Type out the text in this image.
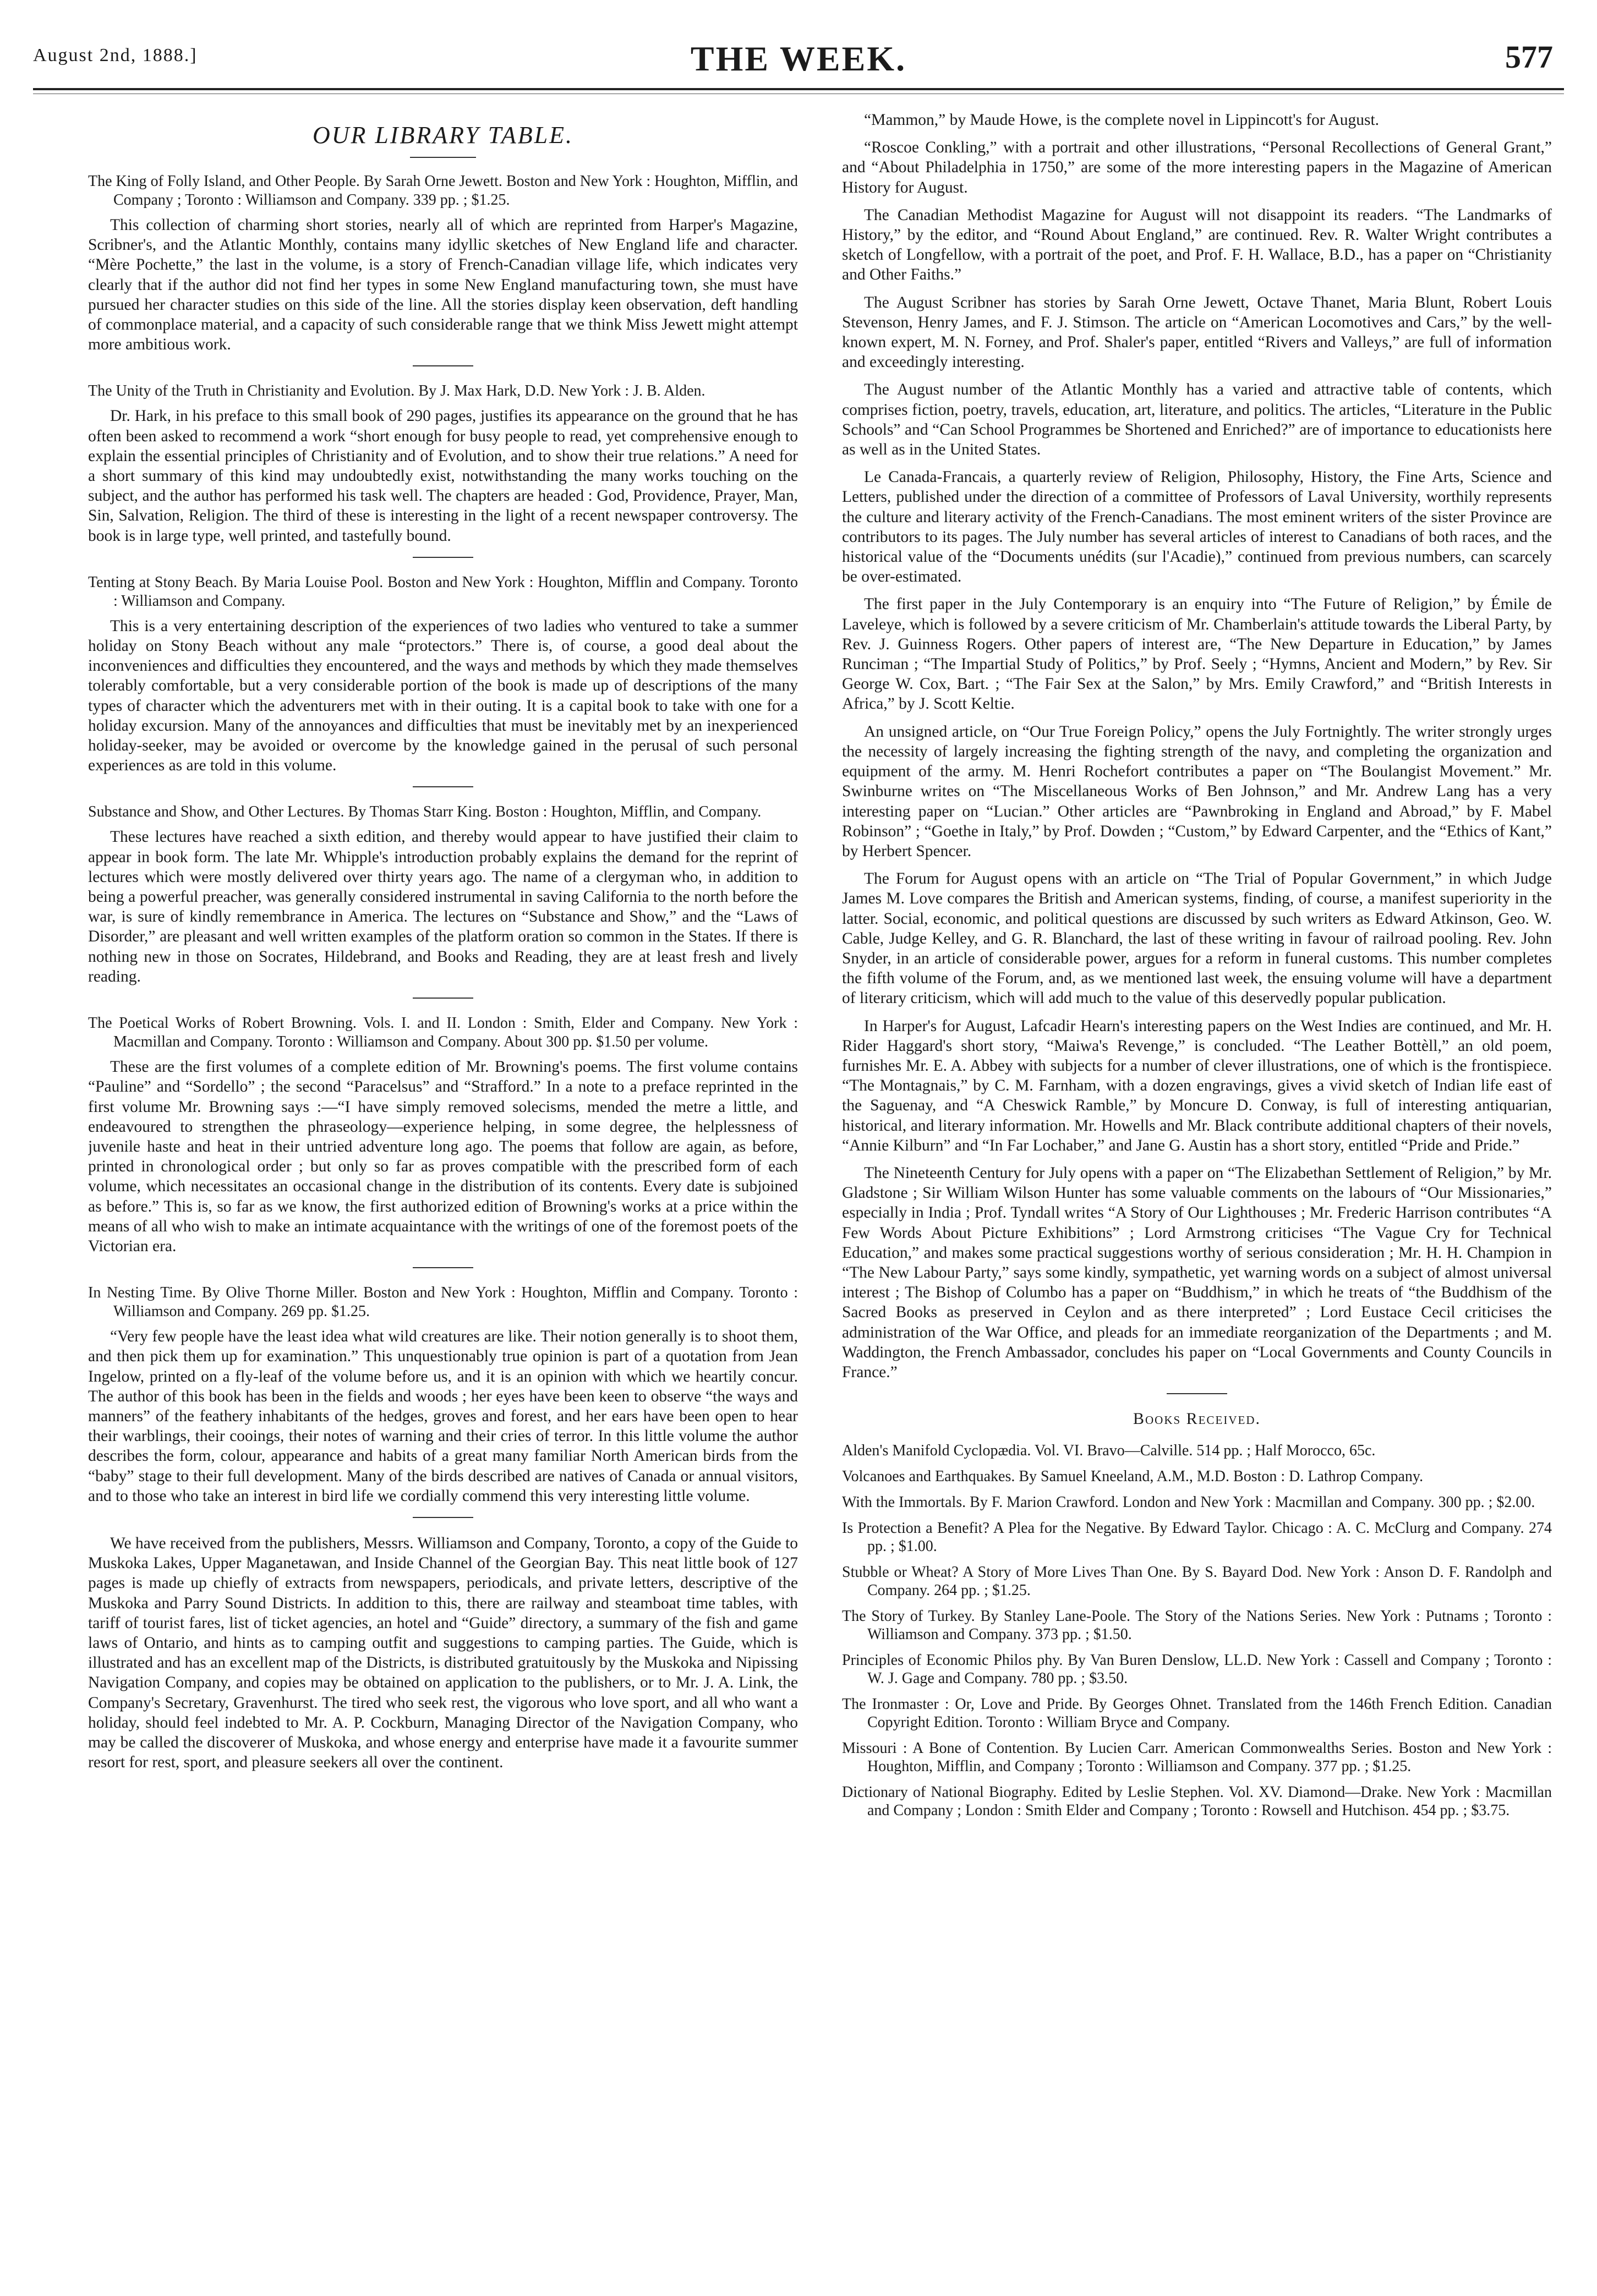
August 2nd, 1888.]	THE WEEK.	577
OUR LIBRARY TABLE.

The King of Folly Island, and Other People. By Sarah Orne Jewett. Boston and New York : Houghton, Mifflin, and Company ; Toronto : Williamson and Company. 339 pp. ; $1.25.

This collection of charming short stories, nearly all of which are reprinted from Harper's Magazine, Scribner's, and the Atlantic Monthly, contains many idyllic sketches of New England life and character. “Mère Pochette,” the last in the volume, is a story of French-Canadian village life, which indicates very clearly that if the author did not find her types in some New England manufacturing town, she must have pursued her character studies on this side of the line. All the stories display keen observation, deft handling of commonplace material, and a capacity of such considerable range that we think Miss Jewett might attempt more ambitious work.

The Unity of the Truth in Christianity and Evolution. By J. Max Hark, D.D. New York : J. B. Alden.

Dr. Hark, in his preface to this small book of 290 pages, justifies its appearance on the ground that he has often been asked to recommend a work “short enough for busy people to read, yet comprehensive enough to explain the essential principles of Christianity and of Evolution, and to show their true relations.” A need for a short summary of this kind may undoubtedly exist, notwithstanding the many works touching on the subject, and the author has performed his task well. The chapters are headed : God, Providence, Prayer, Man, Sin, Salvation, Religion. The third of these is interesting in the light of a recent newspaper controversy. The book is in large type, well printed, and tastefully bound.

Tenting at Stony Beach. By Maria Louise Pool. Boston and New York : Houghton, Mifflin and Company. Toronto : Williamson and Company.

This is a very entertaining description of the experiences of two ladies who ventured to take a summer holiday on Stony Beach without any male “protectors.” There is, of course, a good deal about the inconveniences and difficulties they encountered, and the ways and methods by which they made themselves tolerably comfortable, but a very considerable portion of the book is made up of descriptions of the many types of character which the adventurers met with in their outing. It is a capital book to take with one for a holiday excursion. Many of the annoyances and difficulties that must be inevitably met by an inexperienced holiday-seeker, may be avoided or overcome by the knowledge gained in the perusal of such personal experiences as are told in this volume.

Substance and Show, and Other Lectures. By Thomas Starr King. Boston : Houghton, Mifflin, and Company.

These lectures have reached a sixth edition, and thereby would appear to have justified their claim to appear in book form. The late Mr. Whipple's introduction probably explains the demand for the reprint of lectures which were mostly delivered over thirty years ago. The name of a clergyman who, in addition to being a powerful preacher, was generally considered instrumental in saving California to the north before the war, is sure of kindly remembrance in America. The lectures on “Substance and Show,” and the “Laws of Disorder,” are pleasant and well written examples of the platform oration so common in the States. If there is nothing new in those on Socrates, Hildebrand, and Books and Reading, they are at least fresh and lively reading.

The Poetical Works of Robert Browning. Vols. I. and II. London : Smith, Elder and Company. New York : Macmillan and Company. Toronto : Williamson and Company. About 300 pp. $1.50 per volume.

These are the first volumes of a complete edition of Mr. Browning's poems. The first volume contains “Pauline” and “Sordello” ; the second “Paracelsus” and “Strafford.” In a note to a preface reprinted in the first volume Mr. Browning says :—“I have simply removed solecisms, mended the metre a little, and endeavoured to strengthen the phraseology—experience helping, in some degree, the helplessness of juvenile haste and heat in their untried adventure long ago. The poems that follow are again, as before, printed in chronological order ; but only so far as proves compatible with the prescribed form of each volume, which necessitates an occasional change in the distribution of its contents. Every date is subjoined as before.” This is, so far as we know, the first authorized edition of Browning's works at a price within the means of all who wish to make an intimate acquaintance with the writings of one of the foremost poets of the Victorian era.

In Nesting Time. By Olive Thorne Miller. Boston and New York : Houghton, Mifflin and Company. Toronto : Williamson and Company. 269 pp. $1.25.

“Very few people have the least idea what wild creatures are like. Their notion generally is to shoot them, and then pick them up for examination.” This unquestionably true opinion is part of a quotation from Jean Ingelow, printed on a fly-leaf of the volume before us, and it is an opinion with which we heartily concur. The author of this book has been in the fields and woods ; her eyes have been keen to observe “the ways and manners” of the feathery inhabitants of the hedges, groves and forest, and her ears have been open to hear their warblings, their cooings, their notes of warning and their cries of terror. In this little volume the author describes the form, colour, appearance and habits of a great many familiar North American birds from the “baby” stage to their full development. Many of the birds described are natives of Canada or annual visitors, and to those who take an interest in bird life we cordially commend this very interesting little volume.

We have received from the publishers, Messrs. Williamson and Company, Toronto, a copy of the Guide to Muskoka Lakes, Upper Maganetawan, and Inside Channel of the Georgian Bay. This neat little book of 127 pages is made up chiefly of extracts from newspapers, periodicals, and private letters, descriptive of the Muskoka and Parry Sound Districts. In addition to this, there are railway and steamboat time tables, with tariff of tourist fares, list of ticket agencies, an hotel and “Guide” directory, a summary of the fish and game laws of Ontario, and hints as to camping outfit and suggestions to camping parties. The Guide, which is illustrated and has an excellent map of the Districts, is distributed gratuitously by the Muskoka and Nipissing Navigation Company, and copies may be obtained on application to the publishers, or to Mr. J. A. Link, the Company's Secretary, Gravenhurst. The tired who seek rest, the vigorous who love sport, and all who want a holiday, should feel indebted to Mr. A. P. Cockburn, Managing Director of the Navigation Company, who may be called the discoverer of Muskoka, and whose energy and enterprise have made it a favourite summer resort for rest, sport, and pleasure seekers all over the continent.

“Mammon,” by Maude Howe, is the complete novel in Lippincott's for August.

“Roscoe Conkling,” with a portrait and other illustrations, “Personal Recollections of General Grant,” and “About Philadelphia in 1750,” are some of the more interesting papers in the Magazine of American History for August.

The Canadian Methodist Magazine for August will not disappoint its readers. “The Landmarks of History,” by the editor, and “Round About England,” are continued. Rev. R. Walter Wright contributes a sketch of Longfellow, with a portrait of the poet, and Prof. F. H. Wallace, B.D., has a paper on “Christianity and Other Faiths.”

The August Scribner has stories by Sarah Orne Jewett, Octave Thanet, Maria Blunt, Robert Louis Stevenson, Henry James, and F. J. Stimson. The article on “American Locomotives and Cars,” by the well-known expert, M. N. Forney, and Prof. Shaler's paper, entitled “Rivers and Valleys,” are full of information and exceedingly interesting.

The August number of the Atlantic Monthly has a varied and attractive table of contents, which comprises fiction, poetry, travels, education, art, literature, and politics. The articles, “Literature in the Public Schools” and “Can School Programmes be Shortened and Enriched?” are of importance to educationists here as well as in the United States.

Le Canada-Francais, a quarterly review of Religion, Philosophy, History, the Fine Arts, Science and Letters, published under the direction of a committee of Professors of Laval University, worthily represents the culture and literary activity of the French-Canadians. The most eminent writers of the sister Province are contributors to its pages. The July number has several articles of interest to Canadians of both races, and the historical value of the “Documents unédits (sur l'Acadie),” continued from previous numbers, can scarcely be over-estimated.

The first paper in the July Contemporary is an enquiry into “The Future of Religion,” by Émile de Laveleye, which is followed by a severe criticism of Mr. Chamberlain's attitude towards the Liberal Party, by Rev. J. Guinness Rogers. Other papers of interest are, “The New Departure in Education,” by James Runciman ; “The Impartial Study of Politics,” by Prof. Seely ; “Hymns, Ancient and Modern,” by Rev. Sir George W. Cox, Bart. ; “The Fair Sex at the Salon,” by Mrs. Emily Crawford,” and “British Interests in Africa,” by J. Scott Keltie.

An unsigned article, on “Our True Foreign Policy,” opens the July Fortnightly. The writer strongly urges the necessity of largely increasing the fighting strength of the navy, and completing the organization and equipment of the army. M. Henri Rochefort contributes a paper on “The Boulangist Movement.” Mr. Swinburne writes on “The Miscellaneous Works of Ben Johnson,” and Mr. Andrew Lang has a very interesting paper on “Lucian.” Other articles are “Pawnbroking in England and Abroad,” by F. Mabel Robinson” ; “Goethe in Italy,” by Prof. Dowden ; “Custom,” by Edward Carpenter, and the “Ethics of Kant,” by Herbert Spencer.

The Forum for August opens with an article on “The Trial of Popular Government,” in which Judge James M. Love compares the British and American systems, finding, of course, a manifest superiority in the latter. Social, economic, and political questions are discussed by such writers as Edward Atkinson, Geo. W. Cable, Judge Kelley, and G. R. Blanchard, the last of these writing in favour of railroad pooling. Rev. John Snyder, in an article of considerable power, argues for a reform in funeral customs. This number completes the fifth volume of the Forum, and, as we mentioned last week, the ensuing volume will have a department of literary criticism, which will add much to the value of this deservedly popular publication.

In Harper's for August, Lafcadir Hearn's interesting papers on the West Indies are continued, and Mr. H. Rider Haggard's short story, “Maiwa's Revenge,” is concluded. “The Leather Bottèll,” an old poem, furnishes Mr. E. A. Abbey with subjects for a number of clever illustrations, one of which is the frontispiece. “The Montagnais,” by C. M. Farnham, with a dozen engravings, gives a vivid sketch of Indian life east of the Saguenay, and “A Cheswick Ramble,” by Moncure D. Conway, is full of interesting antiquarian, historical, and literary information. Mr. Howells and Mr. Black contribute additional chapters of their novels, “Annie Kilburn” and “In Far Lochaber,” and Jane G. Austin has a short story, entitled “Pride and Pride.”

The Nineteenth Century for July opens with a paper on “The Elizabethan Settlement of Religion,” by Mr. Gladstone ; Sir William Wilson Hunter has some valuable comments on the labours of “Our Missionaries,” especially in India ; Prof. Tyndall writes “A Story of Our Lighthouses ; Mr. Frederic Harrison contributes “A Few Words About Picture Exhibitions” ; Lord Armstrong criticises “The Vague Cry for Technical Education,” and makes some practical suggestions worthy of serious consideration ; Mr. H. H. Champion in “The New Labour Party,” says some kindly, sympathetic, yet warning words on a subject of almost universal interest ; The Bishop of Columbo has a paper on “Buddhism,” in which he treats of “the Buddhism of the Sacred Books as preserved in Ceylon and as there interpreted” ; Lord Eustace Cecil criticises the administration of the War Office, and pleads for an immediate reorganization of the Departments ; and M. Waddington, the French Ambassador, concludes his paper on “Local Governments and County Councils in France.”

Books Received.

Alden's Manifold Cyclopædia. Vol. VI. Bravo—Calville. 514 pp. ; Half Morocco, 65c.

Volcanoes and Earthquakes. By Samuel Kneeland, A.M., M.D. Boston : D. Lathrop Company.

With the Immortals. By F. Marion Crawford. London and New York : Macmillan and Company. 300 pp. ; $2.00.

Is Protection a Benefit? A Plea for the Negative. By Edward Taylor. Chicago : A. C. McClurg and Company. 274 pp. ; $1.00.

Stubble or Wheat? A Story of More Lives Than One. By S. Bayard Dod. New York : Anson D. F. Randolph and Company. 264 pp. ; $1.25.

The Story of Turkey. By Stanley Lane-Poole. The Story of the Nations Series. New York : Putnams ; Toronto : Williamson and Company. 373 pp. ; $1.50.

Principles of Economic Philos phy. By Van Buren Denslow, LL.D. New York : Cassell and Company ; Toronto : W. J. Gage and Company. 780 pp. ; $3.50.

The Ironmaster : Or, Love and Pride. By Georges Ohnet. Translated from the 146th French Edition. Canadian Copyright Edition. Toronto : William Bryce and Company.

Missouri : A Bone of Contention. By Lucien Carr. American Commonwealths Series. Boston and New York : Houghton, Mifflin, and Company ; Toronto : Williamson and Company. 377 pp. ; $1.25.

Dictionary of National Biography. Edited by Leslie Stephen. Vol. XV. Diamond—Drake. New York : Macmillan and Company ; London : Smith Elder and Company ; Toronto : Rowsell and Hutchison. 454 pp. ; $3.75.
